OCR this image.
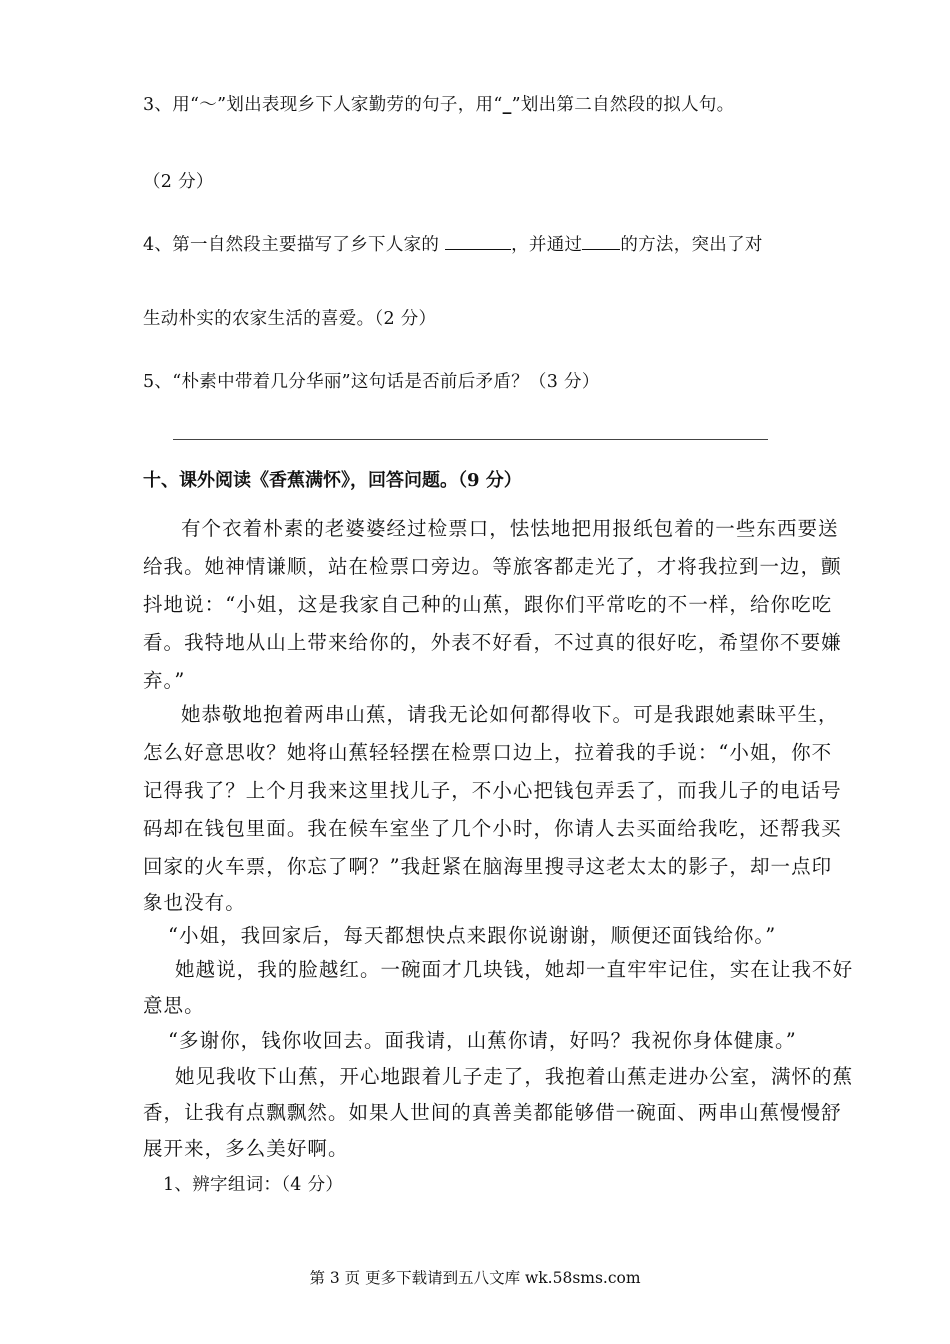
3、用“～”划出表现乡下人家勤劳的句子，用“_”划出第二自然段的拟人句。
（2 分）
4、第一自然段主要描写了乡下人家的	，并通过 的方法，突出了对
生动朴实的农家生活的喜爱。（2 分）
5、“朴素中带着几分华丽”这句话是否前后矛盾？（3 分）
十、课外阅读《香蕉满怀》，回答问题。（9 分）
有个衣着朴素的老婆婆经过检票口，怯怯地把用报纸包着的一些东西要送
给我。她神情谦顺，站在检票口旁边。等旅客都走光了，才将我拉到一边，颤
抖地说：“小姐，这是我家自己种的山蕉，跟你们平常吃的不一样，给你吃吃
看。我特地从山上带来给你的，外表不好看，不过真的很好吃，希望你不要嫌
弃。”
她恭敬地抱着两串山蕉，请我无论如何都得收下。可是我跟她素昧平生，
怎么好意思收？她将山蕉轻轻摆在检票口边上，拉着我的手说：“小姐，你不
记得我了？上个月我来这里找儿子，不小心把钱包弄丢了，而我儿子的电话号
码却在钱包里面。我在候车室坐了几个小时，你请人去买面给我吃，还帮我买
回家的火车票，你忘了啊？”我赶紧在脑海里搜寻这老太太的影子，却一点印
象也没有。
“小姐，我回家后，每天都想快点来跟你说谢谢，顺便还面钱给你。”
她越说，我的脸越红。一碗面才几块钱，她却一直牢牢记住，实在让我不好
意思。
“多谢你，钱你收回去。面我请，山蕉你请，好吗？我祝你身体健康。”
她见我收下山蕉，开心地跟着儿子走了，我抱着山蕉走进办公室，满怀的蕉
香，让我有点飘飘然。如果人世间的真善美都能够借一碗面、两串山蕉慢慢舒
展开来，多么美好啊。
1、辨字组词：（4 分）
第 3 页 更多下载请到五八文库 wk.58sms.com
